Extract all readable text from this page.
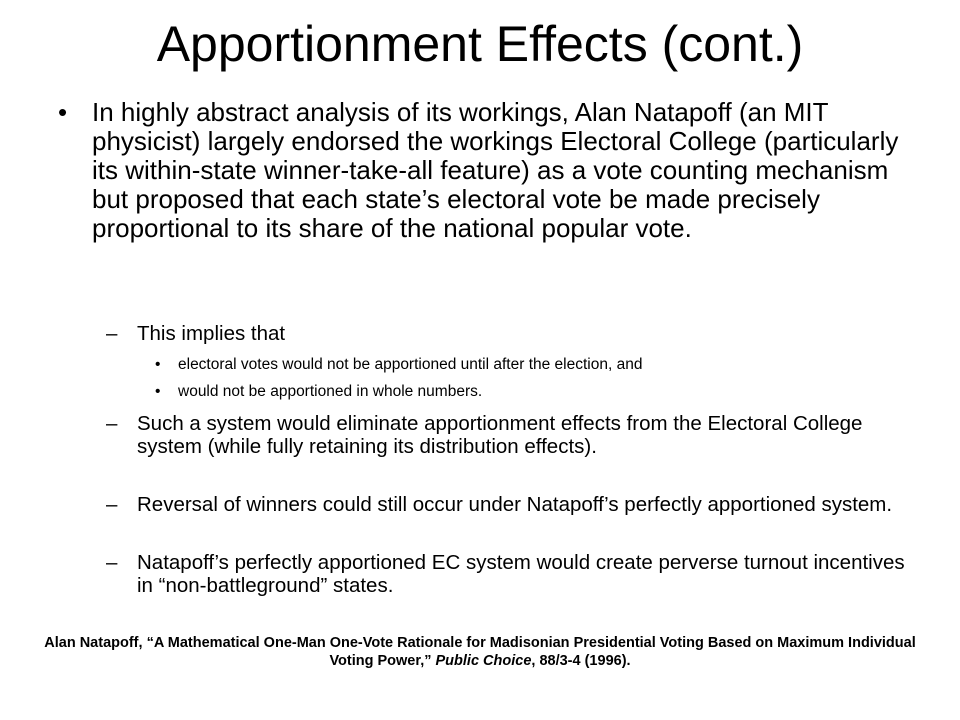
Apportionment Effects (cont.)
• In highly abstract analysis of its workings, Alan Natapoff (an MIT physicist) largely endorsed the workings Electoral College (particularly its within-state winner-take-all feature) as a vote counting mechanism but proposed that each state’s electoral vote be made precisely proportional to its share of the national popular vote.
– This implies that
• electoral votes would not be apportioned until after the election, and
• would not be apportioned in whole numbers.
– Such a system would eliminate apportionment effects from the Electoral College system (while fully retaining its distribution effects).
– Reversal of winners could still occur under Natapoff’s perfectly apportioned system.
– Natapoff’s perfectly apportioned EC system would create perverse turnout incentives in “non-battleground” states.
Alan Natapoff, “A Mathematical One-Man One-Vote Rationale for Madisonian Presidential Voting Based on Maximum Individual Voting Power,” Public Choice, 88/3-4 (1996).
